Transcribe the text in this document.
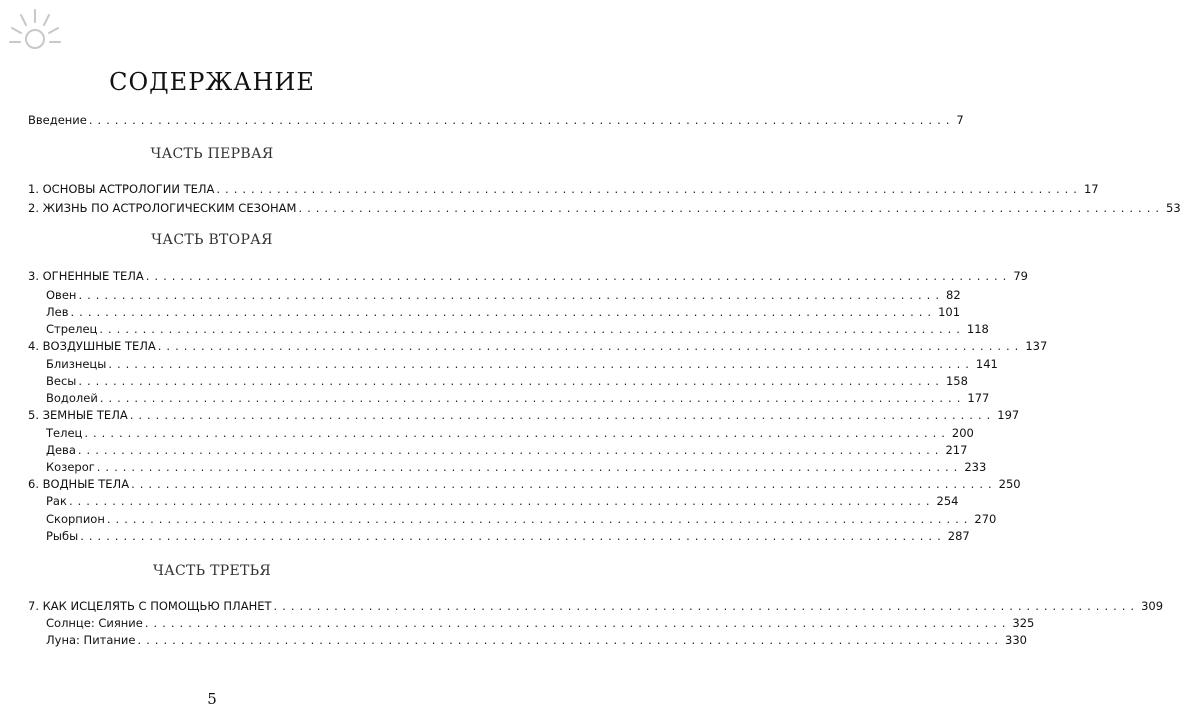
СОДЕРЖАНИЕ
Введение .................................................................................................... 7
ЧАСТЬ ПЕРВАЯ
1. ОСНОВЫ АСТРОЛОГИИ ТЕЛА .................................................................................................... 17
2. ЖИЗНЬ ПО АСТРОЛОГИЧЕСКИМ СЕЗОНАМ .................................................................................................... 53
ЧАСТЬ ВТОРАЯ
3. ОГНЕННЫЕ ТЕЛА .................................................................................................... 79
Овен .................................................................................................... 82
Лев .................................................................................................... 101
Стрелец .................................................................................................... 118
4. ВОЗДУШНЫЕ ТЕЛА .................................................................................................... 137
Близнецы .................................................................................................... 141
Весы .................................................................................................... 158
Водолей .................................................................................................... 177
5. ЗЕМНЫЕ ТЕЛА .................................................................................................... 197
Телец .................................................................................................... 200
Дева .................................................................................................... 217
Козерог .................................................................................................... 233
6. ВОДНЫЕ ТЕЛА .................................................................................................... 250
Рак .................................................................................................... 254
Скорпион .................................................................................................... 270
Рыбы .................................................................................................... 287
ЧАСТЬ ТРЕТЬЯ
7. КАК ИСЦЕЛЯТЬ С ПОМОЩЬЮ ПЛАНЕТ .................................................................................................... 309
Солнце: Сияние .................................................................................................... 325
Луна: Питание .................................................................................................... 330
5
